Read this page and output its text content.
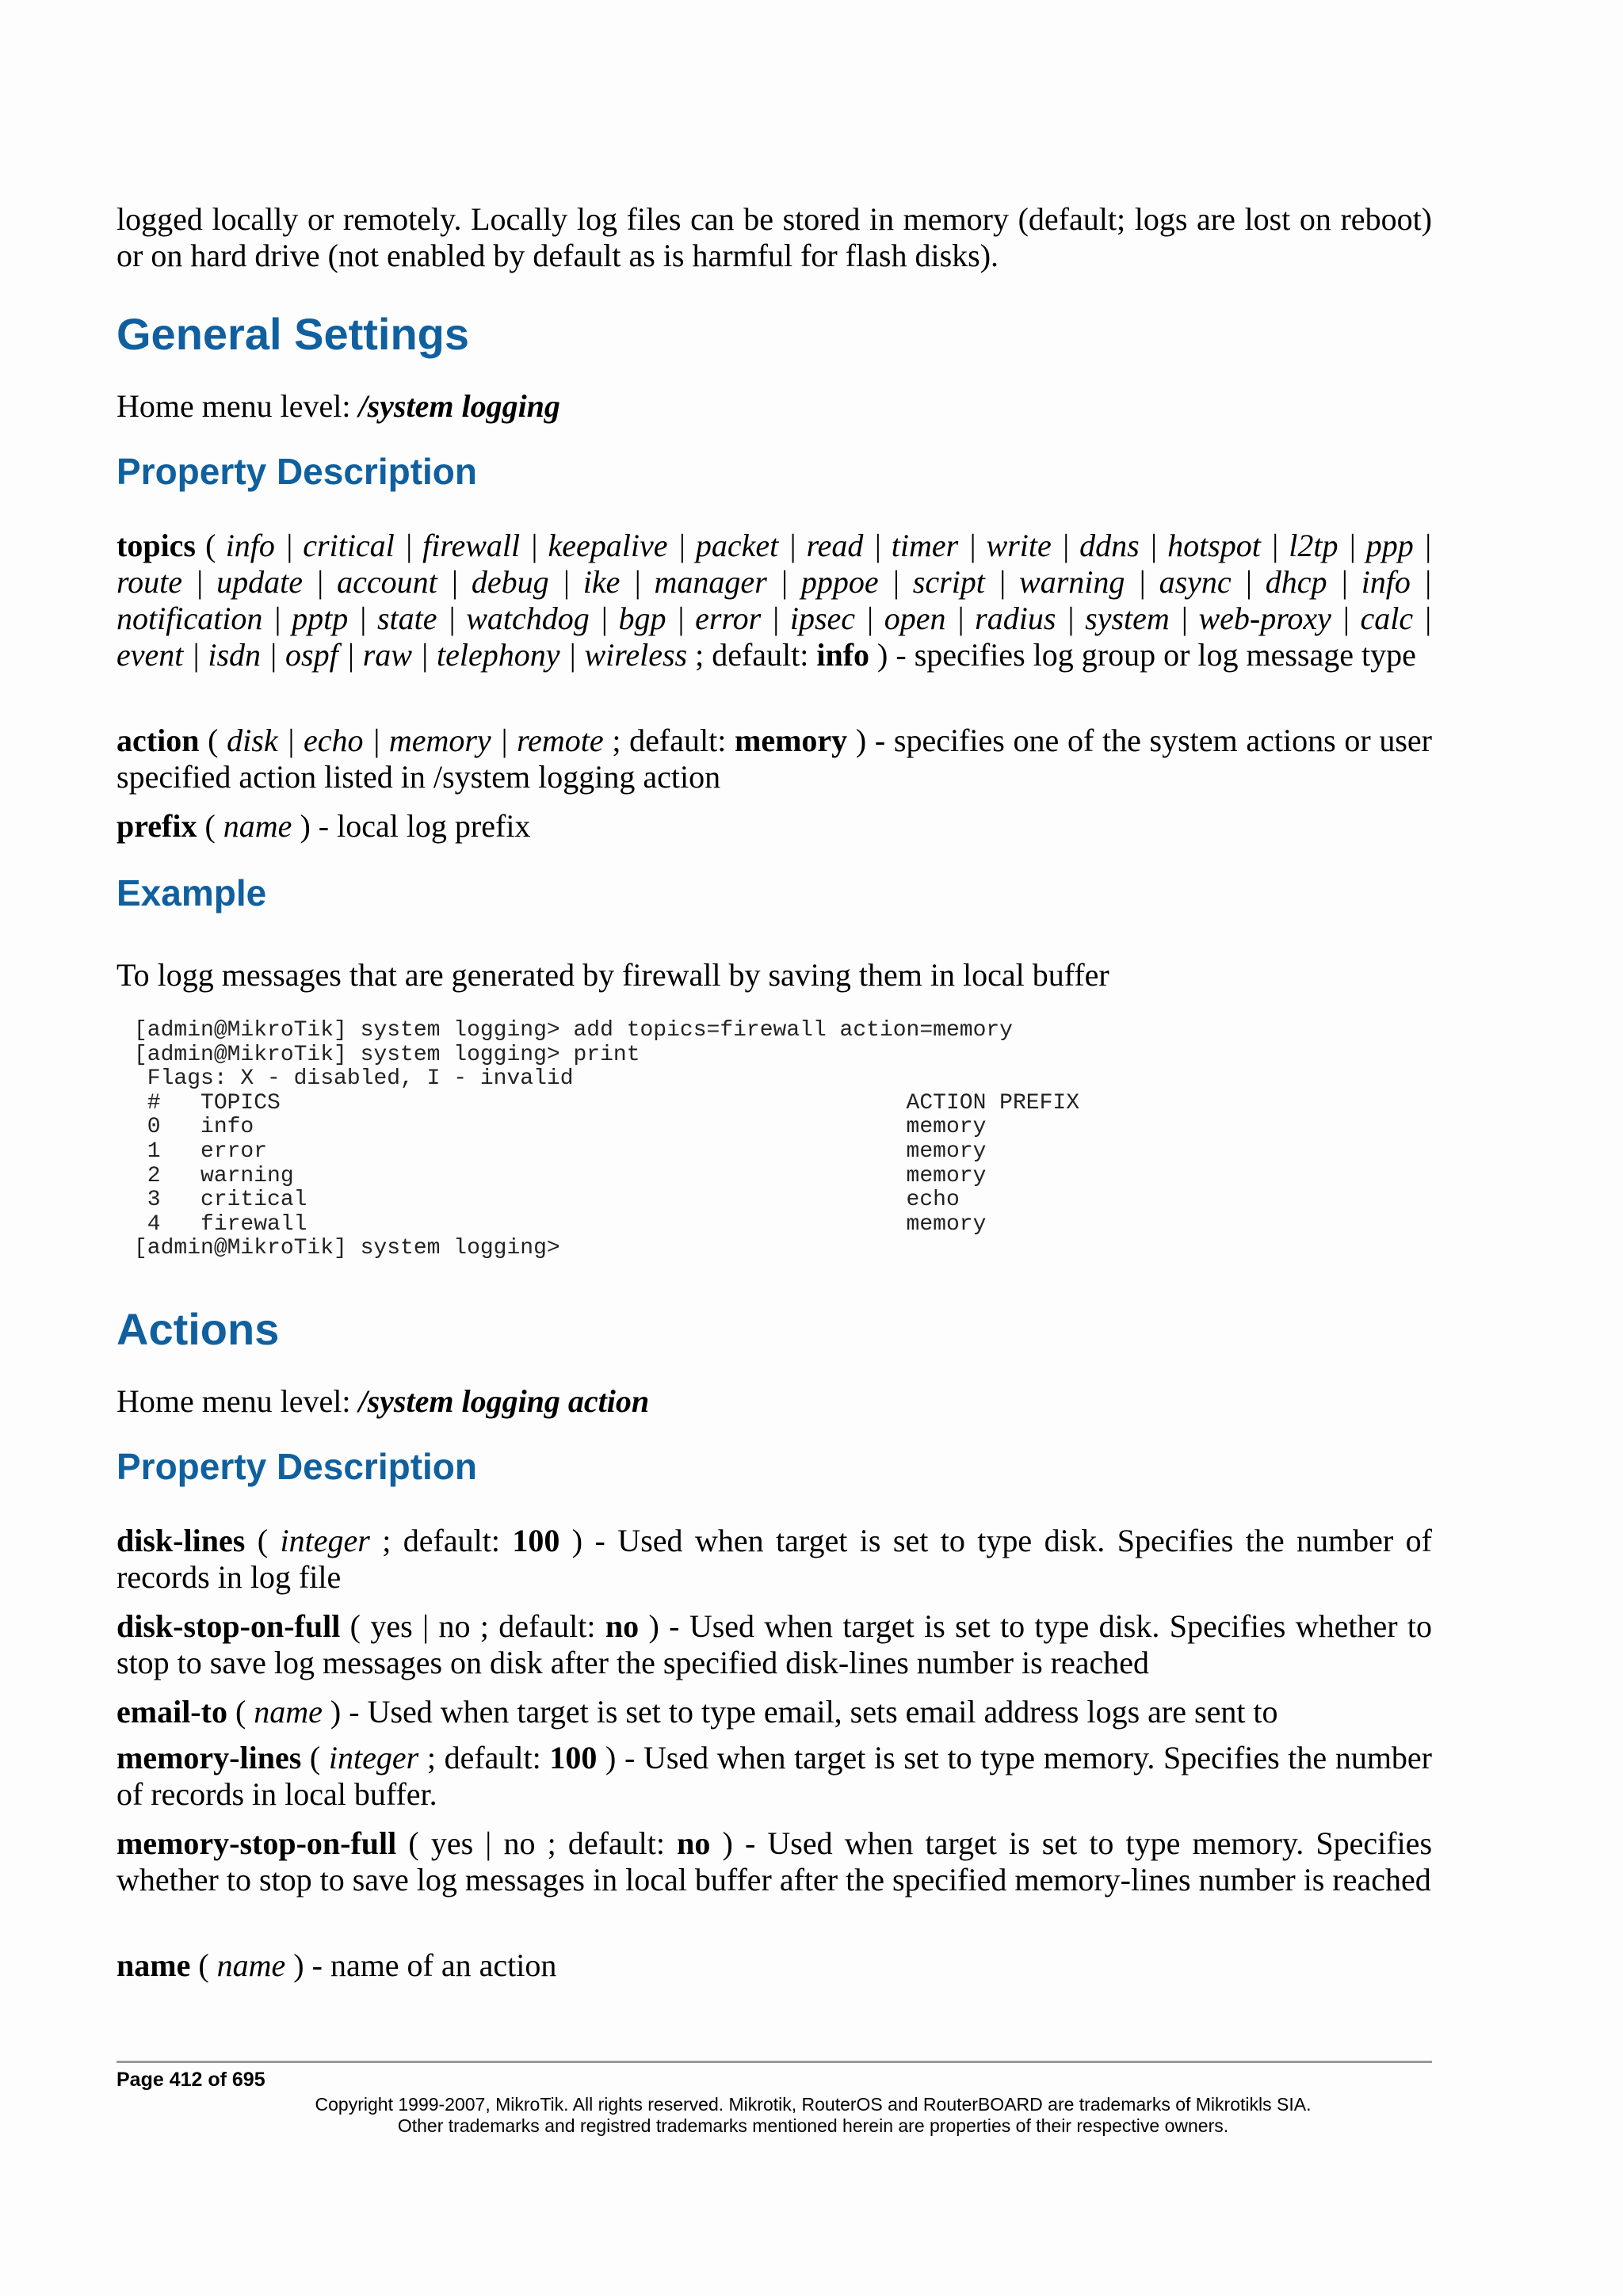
logged locally or remotely. Locally log files can be stored in memory (default; logs are lost on reboot) or on hard drive (not enabled by default as is harmful for flash disks).

General Settings

Home menu level: /system logging

Property Description

topics ( info | critical | firewall | keepalive | packet | read | timer | write | ddns | hotspot | l2tp | ppp | route | update | account | debug | ike | manager | pppoe | script | warning | async | dhcp | info | notification | pptp | state | watchdog | bgp | error | ipsec | open | radius | system | web-proxy | calc | event | isdn | ospf | raw | telephony | wireless ; default: info ) - specifies log group or log message type

action ( disk | echo | memory | remote ; default: memory ) - specifies one of the system actions or user specified action listed in /system logging action

prefix ( name ) - local log prefix

Example

To logg messages that are generated by firewall by saving them in local buffer

[admin@MikroTik] system logging> add topics=firewall action=memory
[admin@MikroTik] system logging> print
Flags: X - disabled, I - invalid
#   TOPICS                                               ACTION PREFIX
0   info                                                 memory
1   error                                                memory
2   warning                                              memory
3   critical                                             echo
4   firewall                                             memory
[admin@MikroTik] system logging>
Actions

Home menu level: /system logging action

Property Description

disk-lines ( integer ; default: 100 ) - Used when target is set to type disk. Specifies the number of records in log file

disk-stop-on-full ( yes | no ; default: no ) - Used when target is set to type disk. Specifies whether to stop to save log messages on disk after the specified disk-lines number is reached

email-to ( name ) - Used when target is set to type email, sets email address logs are sent to

memory-lines ( integer ; default: 100 ) - Used when target is set to type memory. Specifies the number of records in local buffer.

memory-stop-on-full ( yes | no ; default: no ) - Used when target is set to type memory. Specifies whether to stop to save log messages in local buffer after the specified memory-lines number is reached

name ( name ) - name of an action

Page 412 of 695
Copyright 1999-2007, MikroTik. All rights reserved. Mikrotik, RouterOS and RouterBOARD are trademarks of Mikrotikls SIA.
Other trademarks and registred trademarks mentioned herein are properties of their respective owners.
